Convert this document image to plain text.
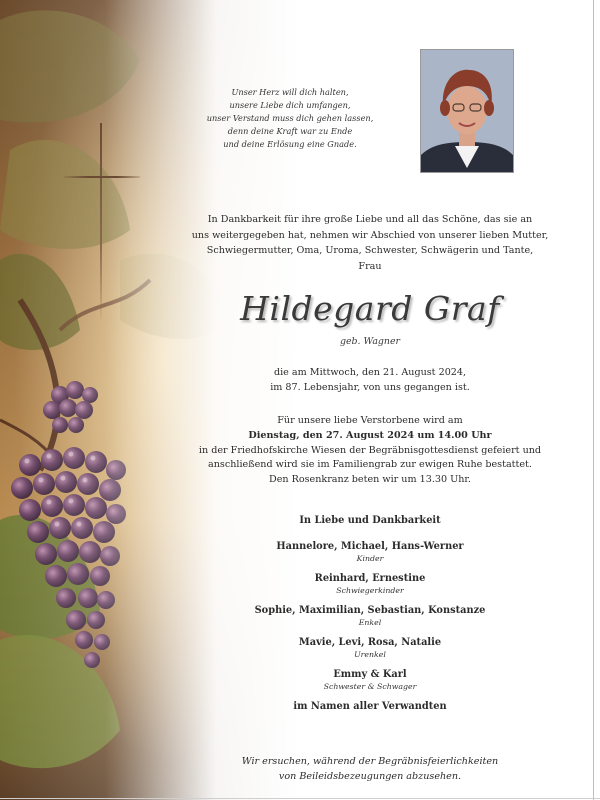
Unser Herz will dich halten,
unsere Liebe dich umfangen,
unser Verstand muss dich gehen lassen,
denn deine Kraft war zu Ende
und deine Erlösung eine Gnade.
In Dankbarkeit für ihre große Liebe und all das Schöne, das sie an
uns weitergegeben hat, nehmen wir Abschied von unserer lieben Mutter,
Schwiegermutter, Oma, Uroma, Schwester, Schwägerin und Tante,
Frau
Hildegard Graf
geb. Wagner
die am Mittwoch, den 21. August 2024,
im 87. Lebensjahr, von uns gegangen ist.
Für unsere liebe Verstorbene wird am
Dienstag, den 27. August 2024 um 14.00 Uhr
in der Friedhofskirche Wiesen der Begräbnisgottesdienst gefeiert und
anschließend wird sie im Familiengrab zur ewigen Ruhe bestattet.
Den Rosenkranz beten wir um 13.30 Uhr.
In Liebe und Dankbarkeit
Hannelore, Michael, Hans-Werner
Kinder
Reinhard, Ernestine
Schwiegerkinder
Sophie, Maximilian, Sebastian, Konstanze
Enkel
Mavie, Levi, Rosa, Natalie
Urenkel
Emmy & Karl
Schwester & Schwager
im Namen aller Verwandten
Wir ersuchen, während der Begräbnisfeierlichkeiten
von Beileidsbezeugungen abzusehen.
